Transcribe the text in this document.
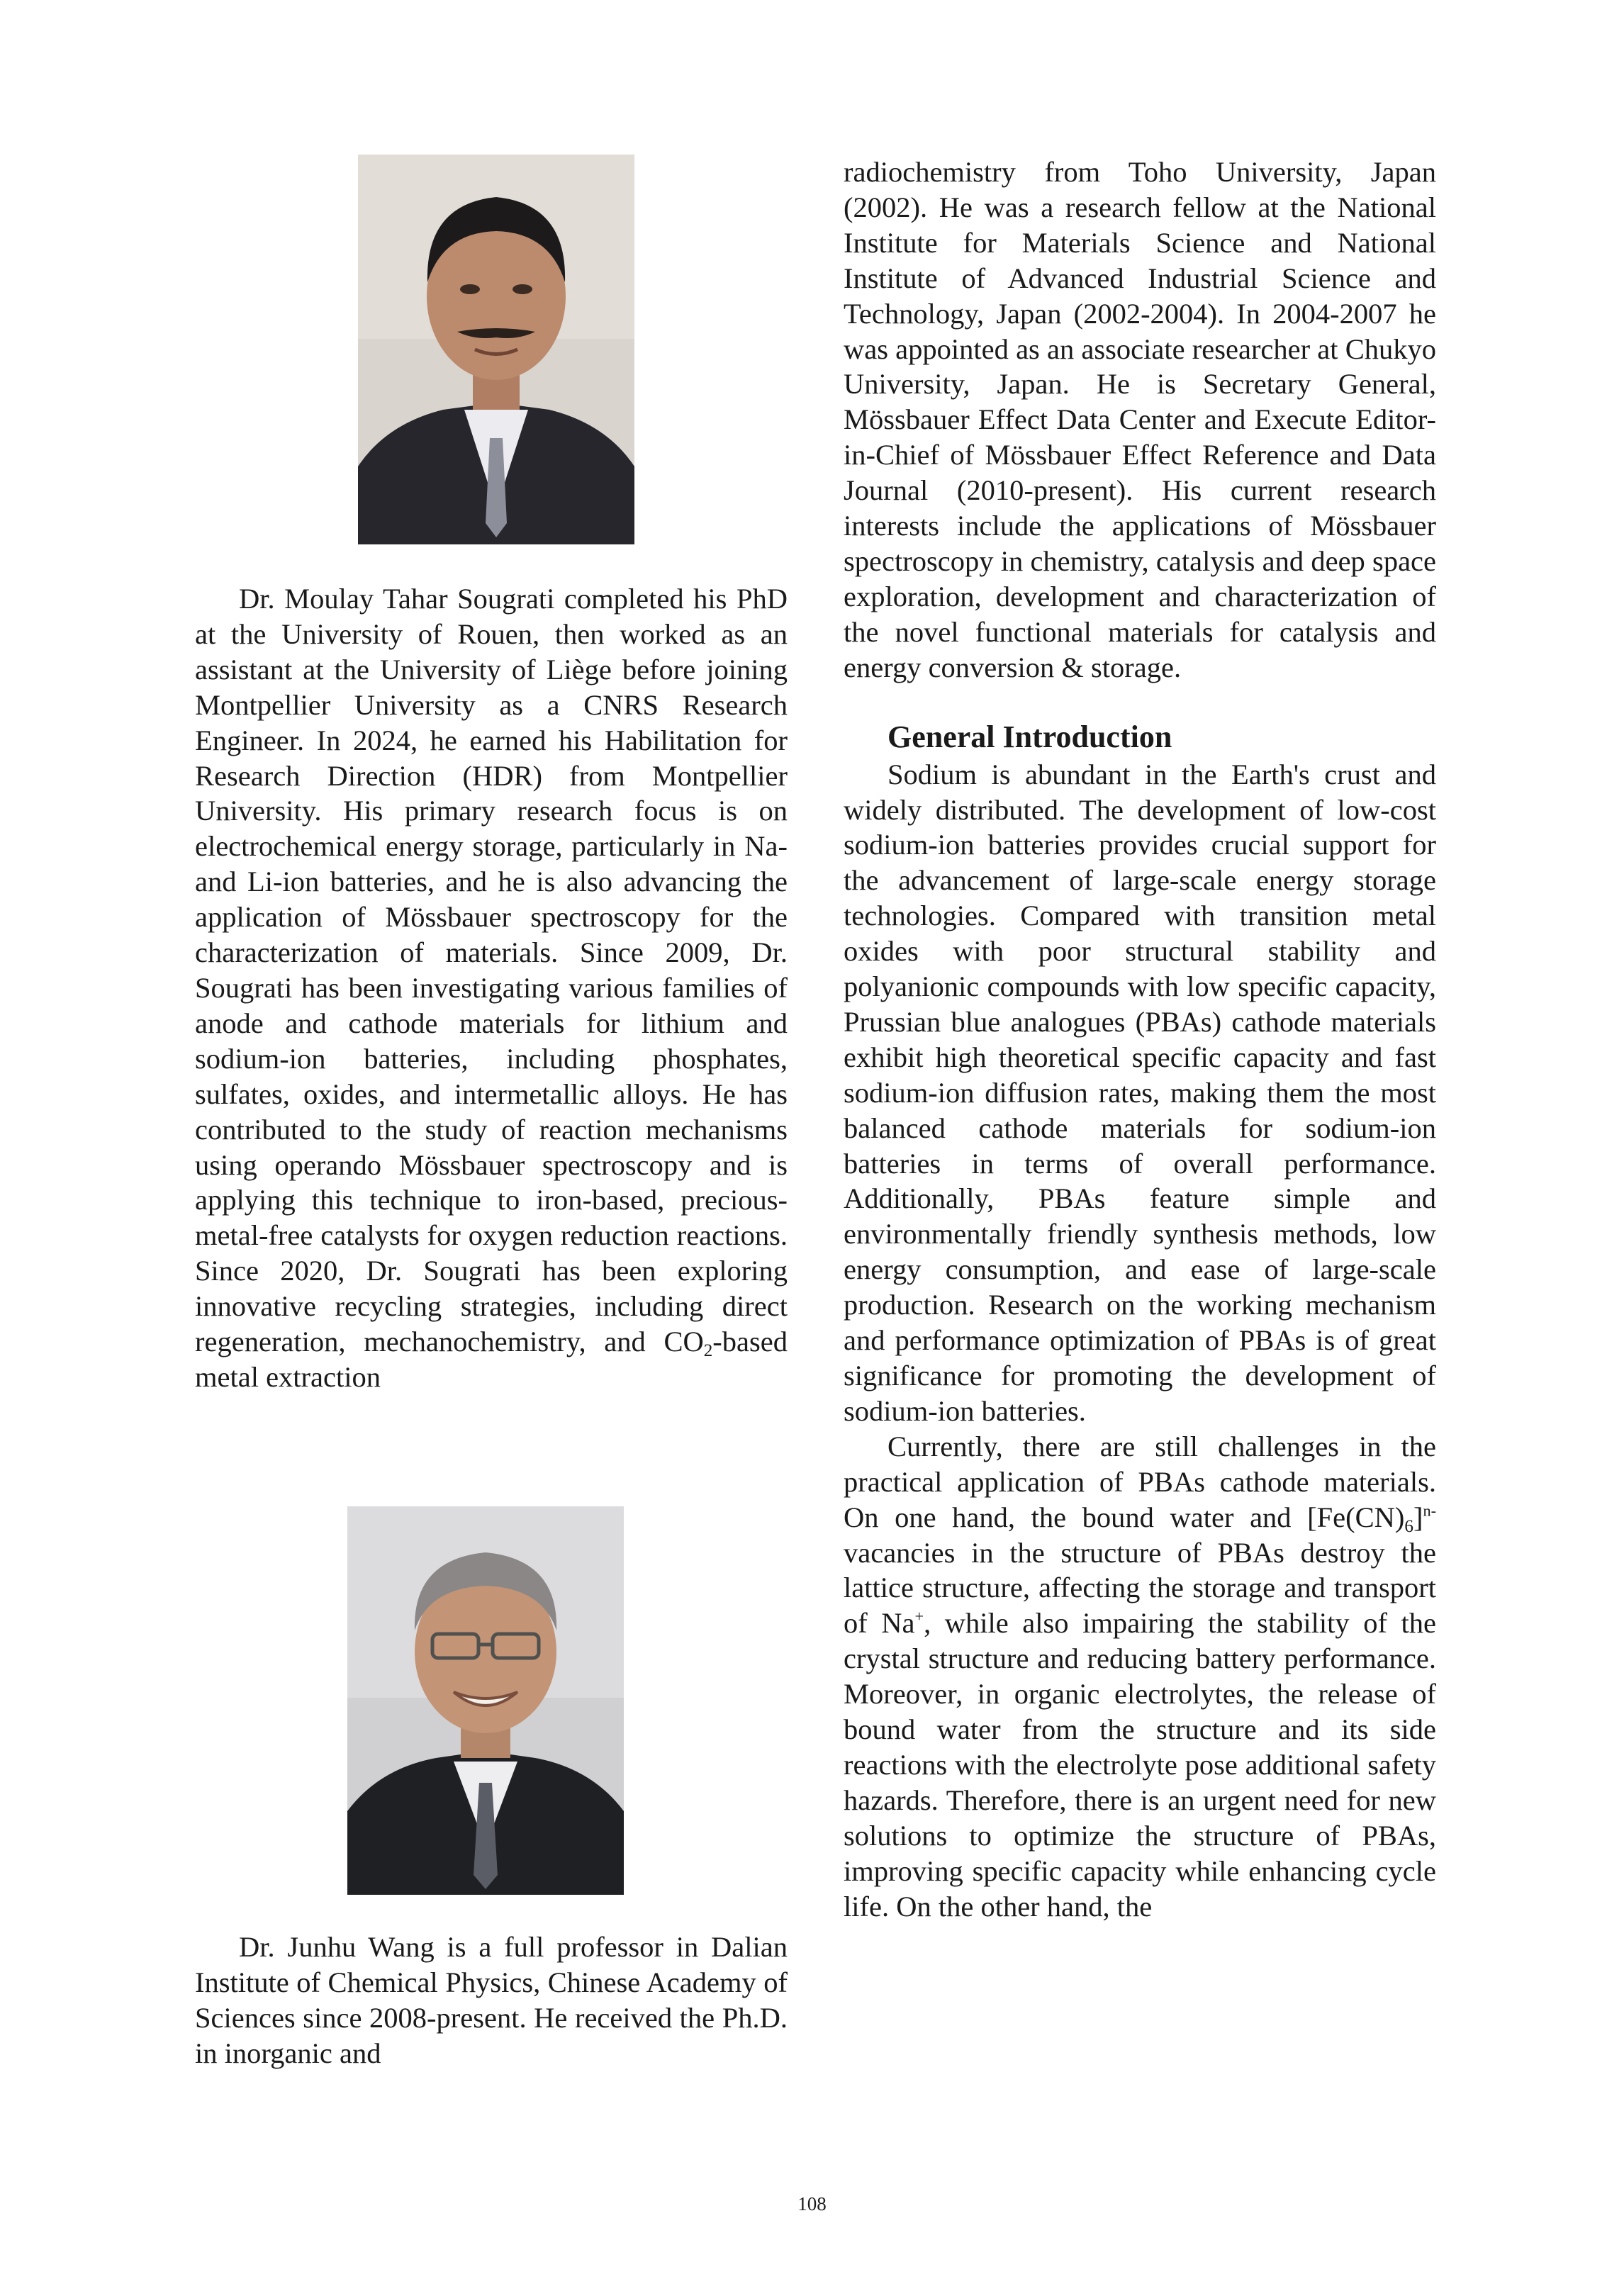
Dr. Moulay Tahar Sougrati completed his PhD at the University of Rouen, then worked as an assistant at the University of Liège before joining Montpellier University as a CNRS Research Engineer. In 2024, he earned his Habilitation for Research Direction (HDR) from Montpellier University. His primary research focus is on electrochemical energy storage, particularly in Na- and Li-ion batteries, and he is also advancing the application of Mössbauer spectroscopy for the characterization of materials. Since 2009, Dr. Sougrati has been investigating various families of anode and cathode materials for lithium and sodium-ion batteries, including phosphates, sulfates, oxides, and intermetallic alloys. He has contributed to the study of reaction mechanisms using operando Mössbauer spectroscopy and is applying this technique to iron-based, precious-metal-free catalysts for oxygen reduction reactions. Since 2020, Dr. Sougrati has been exploring innovative recycling strategies, including direct regeneration, mechanochemistry, and $CO_2$-based metal extraction

Dr. Junhu Wang is a full professor in Dalian Institute of Chemical Physics, Chinese Academy of Sciences since 2008-present. He received the Ph.D. in inorganic and

radiochemistry from Toho University, Japan (2002). He was a research fellow at the National Institute for Materials Science and National Institute of Advanced Industrial Science and Technology, Japan (2002-2004). In 2004-2007 he was appointed as an associate researcher at Chukyo University, Japan. He is Secretary General, Mössbauer Effect Data Center and Execute Editor-in-Chief of Mössbauer Effect Reference and Data Journal (2010-present). His current research interests include the applications of Mössbauer spectroscopy in chemistry, catalysis and deep space exploration, development and characterization of the novel functional materials for catalysis and energy conversion & storage.

General Introduction

Sodium is abundant in the Earth's crust and widely distributed. The development of low-cost sodium-ion batteries provides crucial support for the advancement of large-scale energy storage technologies. Compared with transition metal oxides with poor structural stability and polyanionic compounds with low specific capacity, Prussian blue analogues (PBAs) cathode materials exhibit high theoretical specific capacity and fast sodium-ion diffusion rates, making them the most balanced cathode materials for sodium-ion batteries in terms of overall performance. Additionally, PBAs feature simple and environmentally friendly synthesis methods, low energy consumption, and ease of large-scale production. Research on the working mechanism and performance optimization of PBAs is of great significance for promoting the development of sodium-ion batteries.

Currently, there are still challenges in the practical application of PBAs cathode materials. On one hand, the bound water and $[Fe(CN)_6]^{n-}$ vacancies in the structure of PBAs destroy the lattice structure, affecting the storage and transport of Na+, while also impairing the stability of the crystal structure and reducing battery performance. Moreover, in organic electrolytes, the release of bound water from the structure and its side reactions with the electrolyte pose additional safety hazards. Therefore, there is an urgent need for new solutions to optimize the structure of PBAs, improving specific capacity while enhancing cycle life. On the other hand, the

108
